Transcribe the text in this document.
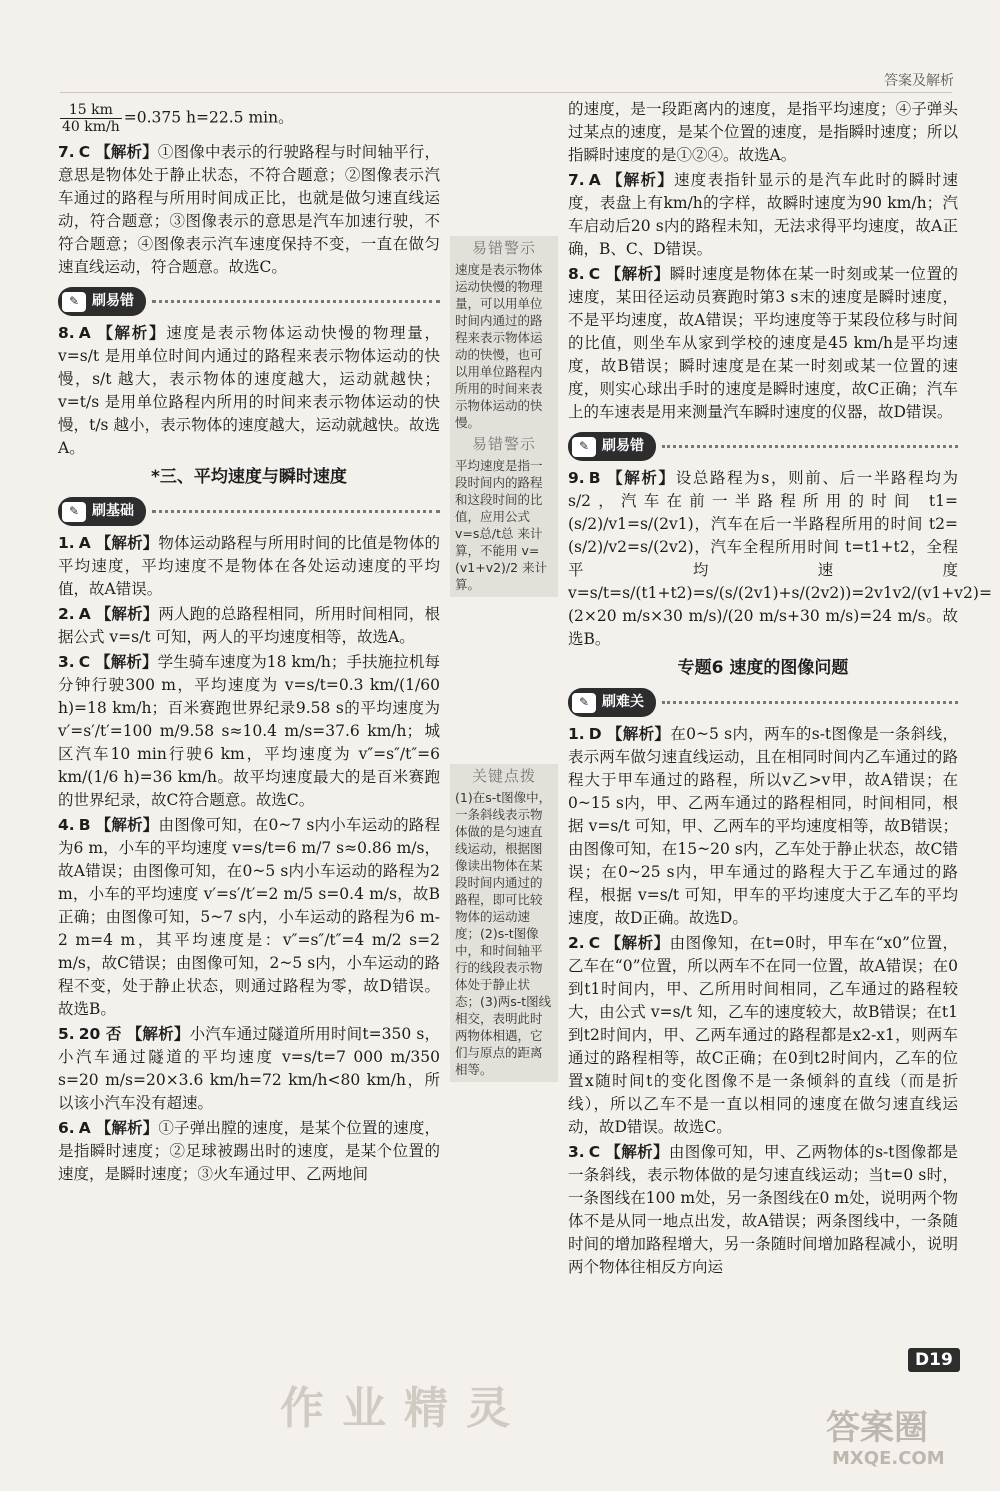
答案及解析
$\frac{15 km}{40 km/h} =0.375$ h=22.5 min。

7. C 【解析】①图像中表示的行驶路程与时间轴平行，意思是物体处于静止状态，不符合题意；②图像表示汽车通过的路程与所用时间成正比，也就是做匀速直线运动，符合题意；③图像表示的意思是汽车加速行驶，不符合题意；④图像表示汽车速度保持不变，一直在做匀速直线运动，符合题意。故选C。

✎ 刷易错

8. A 【解析】速度是表示物体运动快慢的物理量，v=s/t 是用单位时间内通过的路程来表示物体运动的快慢，s/t 越大，表示物体的速度越大，运动就越快；v=t/s 是用单位路程内所用的时间来表示物体运动的快慢，t/s 越小，表示物体的速度越大，运动就越快。故选A。

*三、平均速度与瞬时速度
✎ 刷基础

1. A 【解析】物体运动路程与所用时间的比值是物体的平均速度，平均速度不是物体在各处运动速度的平均值，故A错误。

2. A 【解析】两人跑的总路程相同，所用时间相同，根据公式 v=s/t 可知，两人的平均速度相等，故选A。

3. C 【解析】学生骑车速度为18 km/h；手扶施拉机每分钟行驶300 m，平均速度为 v=s/t=0.3 km/(1/60 h)=18 km/h；百米赛跑世界纪录9.58 s的平均速度为 v′=s′/t′=100 m/9.58 s≈10.4 m/s=37.6 km/h；城区汽车10 min行驶6 km，平均速度为 v″=s″/t″=6 km/(1/6 h)=36 km/h。故平均速度最大的是百米赛跑的世界纪录，故C符合题意。故选C。

4. B 【解析】由图像可知，在0~7 s内小车运动的路程为6 m，小车的平均速度 v=s/t=6 m/7 s≈0.86 m/s，故A错误；由图像可知，在0~5 s内小车运动的路程为2 m，小车的平均速度 v′=s′/t′=2 m/5 s=0.4 m/s，故B正确；由图像可知，5~7 s内，小车运动的路程为6 m-2 m=4 m，其平均速度是：v″=s″/t″=4 m/2 s=2 m/s，故C错误；由图像可知，2~5 s内，小车运动的路程不变，处于静止状态，则通过路程为零，故D错误。故选B。

5. 20 否 【解析】小汽车通过隧道所用时间t=350 s，小汽车通过隧道的平均速度 v=s/t=7 000 m/350 s=20 m/s=20×3.6 km/h=72 km/h<80 km/h，所以该小汽车没有超速。

6. A 【解析】①子弹出膛的速度，是某个位置的速度，是指瞬时速度；②足球被踢出时的速度，是某个位置的速度，是瞬时速度；③火车通过甲、乙两地间

易错警示
速度是表示物体运动快慢的物理量，可以用单位时间内通过的路程来表示物体运动的快慢，也可以用单位路程内所用的时间来表示物体运动的快慢。
易错警示
平均速度是指一段时间内的路程和这段时间的比值，应用公式 v=s总/t总 来计算，不能用 v=(v1+v2)/2 来计算。
关键点拨
(1)在s-t图像中，一条斜线表示物体做的是匀速直线运动，根据图像读出物体在某段时间内通过的路程，即可比较物体的运动速度；(2)s-t图像中，和时间轴平行的线段表示物体处于静止状态；(3)两s-t图线相交，表明此时两物体相遇，它们与原点的距离相等。

的速度，是一段距离内的速度，是指平均速度；④子弹头过某点的速度，是某个位置的速度，是指瞬时速度；所以指瞬时速度的是①②④。故选A。

7. A 【解析】速度表指针显示的是汽车此时的瞬时速度，表盘上有km/h的字样，故瞬时速度为90 km/h；汽车启动后20 s内的路程未知，无法求得平均速度，故A正确，B、C、D错误。

8. C 【解析】瞬时速度是物体在某一时刻或某一位置的速度，某田径运动员赛跑时第3 s末的速度是瞬时速度，不是平均速度，故A错误；平均速度等于某段位移与时间的比值，则坐车从家到学校的速度是45 km/h是平均速度，故B错误；瞬时速度是在某一时刻或某一位置的速度，则实心球出手时的速度是瞬时速度，故C正确；汽车上的车速表是用来测量汽车瞬时速度的仪器，故D错误。

✎ 刷易错

9. B 【解析】设总路程为s，则前、后一半路程均为 s/2，汽车在前一半路程所用的时间 t1=(s/2)/v1=s/(2v1)，汽车在后一半路程所用的时间 t2=(s/2)/v2=s/(2v2)，汽车全程所用时间 t=t1+t2，全程平均速度 v=s/t=s/(t1+t2)=s/(s/(2v1)+s/(2v2))=2v1v2/(v1+v2)=(2×20 m/s×30 m/s)/(20 m/s+30 m/s)=24 m/s。故选B。

专题6 速度的图像问题
✎ 刷难关

1. D 【解析】在0~5 s内，两车的s-t图像是一条斜线，表示两车做匀速直线运动，且在相同时间内乙车通过的路程大于甲车通过的路程，所以v乙>v甲，故A错误；在0~15 s内，甲、乙两车通过的路程相同，时间相同，根据 v=s/t 可知，甲、乙两车的平均速度相等，故B错误；由图像可知，在15~20 s内，乙车处于静止状态，故C错误；在0~25 s内，甲车通过的路程大于乙车通过的路程，根据 v=s/t 可知，甲车的平均速度大于乙车的平均速度，故D正确。故选D。

2. C 【解析】由图像知，在t=0时，甲车在“x0”位置，乙车在“0”位置，所以两车不在同一位置，故A错误；在0到t1时间内，甲、乙所用时间相同，乙车通过的路程较大，由公式 v=s/t 知，乙车的速度较大，故B错误；在t1到t2时间内，甲、乙两车通过的路程都是x2-x1，则两车通过的路程相等，故C正确；在0到t2时间内，乙车的位置x随时间t的变化图像不是一条倾斜的直线（而是折线），所以乙车不是一直以相同的速度在做匀速直线运动，故D错误。故选C。

3. C 【解析】由图像可知，甲、乙两物体的s-t图像都是一条斜线，表示物体做的是匀速直线运动；当t=0 s时，一条图线在100 m处，另一条图线在0 m处，说明两个物体不是从同一地点出发，故A错误；两条图线中，一条随时间的增加路程增大，另一条随时间增加路程减小，说明两个物体往相反方向运

D19
作业精灵	答案圈
MXQE.COM
